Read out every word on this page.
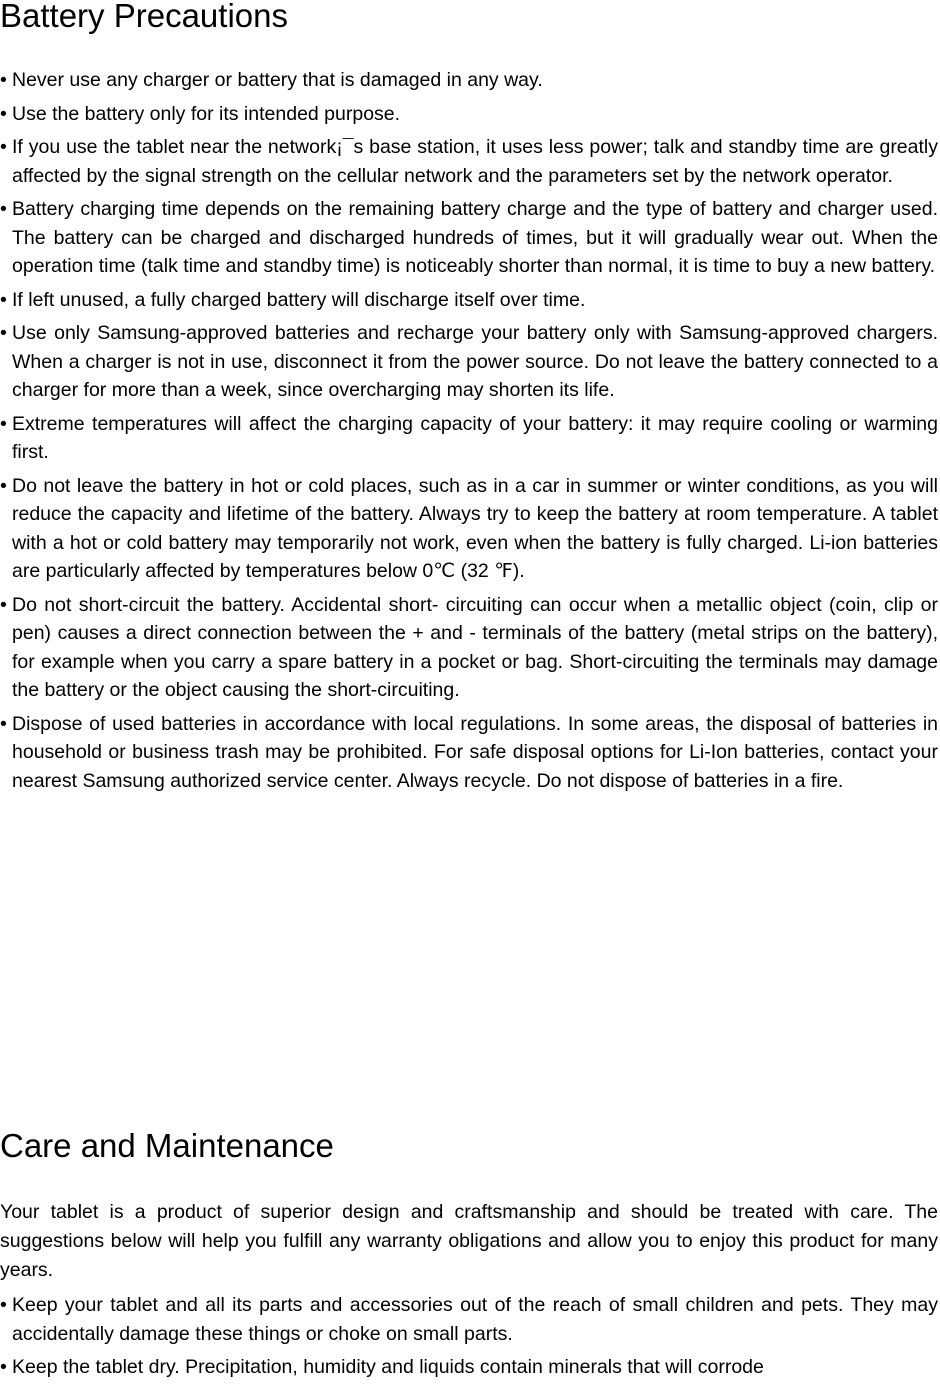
Battery Precautions
• Never use any charger or battery that is damaged in any way.
• Use the battery only for its intended purpose.
• If you use the tablet near the network¡¯s base station, it uses less power; talk and standby time are greatly affected by the signal strength on the cellular network and the parameters set by the network operator.
• Battery charging time depends on the remaining battery charge and the type of battery and charger used. The battery can be charged and discharged hundreds of times, but it will gradually wear out. When the operation time (talk time and standby time) is noticeably shorter than normal, it is time to buy a new battery.
• If left unused, a fully charged battery will discharge itself over time.
• Use only Samsung-approved batteries and recharge your battery only with Samsung-approved chargers. When a charger is not in use, disconnect it from the power source. Do not leave the battery connected to a charger for more than a week, since overcharging may shorten its life.
• Extreme temperatures will affect the charging capacity of your battery: it may require cooling or warming first.
• Do not leave the battery in hot or cold places, such as in a car in summer or winter conditions, as you will reduce the capacity and lifetime of the battery. Always try to keep the battery at room temperature. A tablet with a hot or cold battery may temporarily not work, even when the battery is fully charged. Li-ion batteries are particularly affected by temperatures below 0℃ (32 ℉).
• Do not short-circuit the battery. Accidental short- circuiting can occur when a metallic object (coin, clip or pen) causes a direct connection between the + and - terminals of the battery (metal strips on the battery), for example when you carry a spare battery in a pocket or bag. Short-circuiting the terminals may damage the battery or the object causing the short-circuiting.
• Dispose of used batteries in accordance with local regulations. In some areas, the disposal of batteries in household or business trash may be prohibited. For safe disposal options for Li-Ion batteries, contact your nearest Samsung authorized service center. Always recycle. Do not dispose of batteries in a fire.
Care and Maintenance

Your tablet is a product of superior design and craftsmanship and should be treated with care. The suggestions below will help you fulfill any warranty obligations and allow you to enjoy this product for many years.

• Keep your tablet and all its parts and accessories out of the reach of small children and pets. They may accidentally damage these things or choke on small parts.
• Keep the tablet dry. Precipitation, humidity and liquids contain minerals that will corrode
